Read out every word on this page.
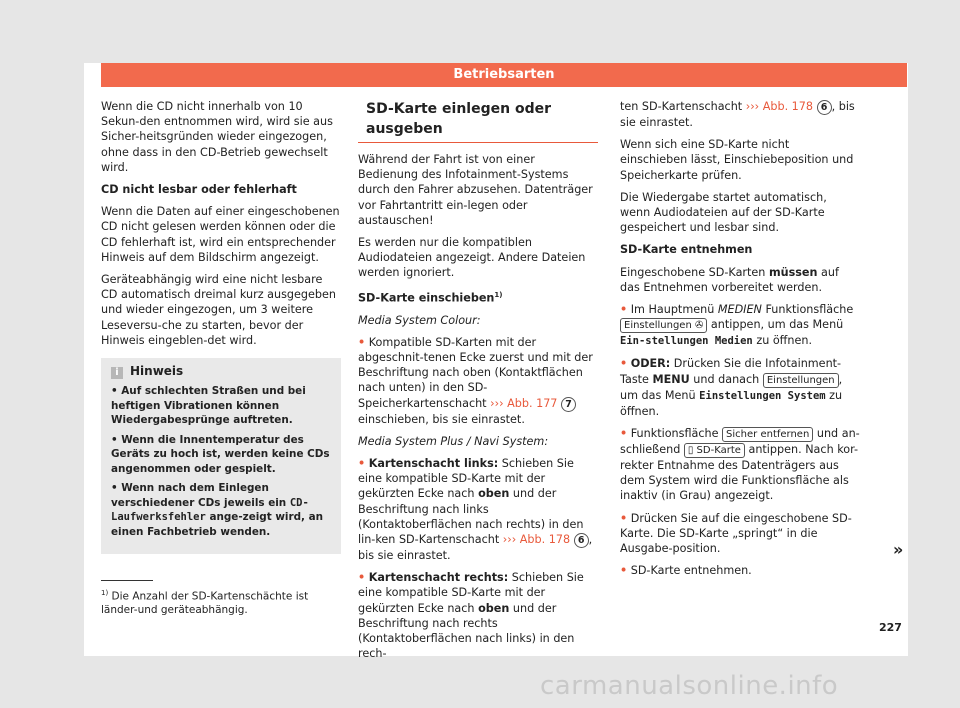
Betriebsarten

Wenn die CD nicht innerhalb von 10 Sekun-den entnommen wird, wird sie aus Sicher-heitsgründen wieder eingezogen, ohne dass in den CD-Betrieb gewechselt wird.

CD nicht lesbar oder fehlerhaft

Wenn die Daten auf einer eingeschobenen CD nicht gelesen werden können oder die CD fehlerhaft ist, wird ein entsprechender Hinweis auf dem Bildschirm angezeigt.

Geräteabhängig wird eine nicht lesbare CD automatisch dreimal kurz ausgegeben und wieder eingezogen, um 3 weitere Leseversu-che zu starten, bevor der Hinweis eingeblen-det wird.

i Hinweis

• Auf schlechten Straßen und bei heftigen Vibrationen können Wiedergabesprünge auftreten.

• Wenn die Innentemperatur des Geräts zu hoch ist, werden keine CDs angenommen oder gespielt.

• Wenn nach dem Einlegen verschiedener CDs jeweils ein CD-Laufwerksfehler ange-zeigt wird, an einen Fachbetrieb wenden.

SD-Karte einlegen oder ausgeben

Während der Fahrt ist von einer Bedienung des Infotainment-Systems durch den Fahrer abzusehen. Datenträger vor Fahrtantritt ein-legen oder austauschen!

Es werden nur die kompatiblen Audiodateien angezeigt. Andere Dateien werden ignoriert.

SD-Karte einschieben$^{1)}$

Media System Colour:

• Kompatible SD-Karten mit der abgeschnit-tenen Ecke zuerst und mit der Beschriftung nach oben (Kontaktflächen nach unten) in den SD-Speicherkartenschacht ››› Abb. 177 7 einschieben, bis sie einrastet.

Media System Plus / Navi System:

• Kartenschacht links: Schieben Sie eine kompatible SD-Karte mit der gekürzten Ecke nach oben und der Beschriftung nach links (Kontaktoberflächen nach rechts) in den lin-ken SD-Kartenschacht ››› Abb. 178 6 , bis sie einrastet.

• Kartenschacht rechts: Schieben Sie eine kompatible SD-Karte mit der gekürzten Ecke nach oben und der Beschriftung nach rechts (Kontaktoberflächen nach links) in den rech-

ten SD-Kartenschacht ››› Abb. 178 6 , bis sie einrastet.

Wenn sich eine SD-Karte nicht einschieben lässt, Einschiebeposition und Speicherkarte prüfen.

Die Wiedergabe startet automatisch, wenn Audiodateien auf der SD-Karte gespeichert und lesbar sind.

SD-Karte entnehmen

Eingeschobene SD-Karten müssen auf das Entnehmen vorbereitet werden.

• Im Hauptmenü MEDIEN Funktionsfläche Einstellungen ✇ antippen, um das Menü Ein-stellungen Medien zu öffnen.

• ODER: Drücken Sie die Infotainment-Taste MENU und danach Einstellungen , um das Menü Einstellungen System zu öffnen.

• Funktionsfläche Sicher entfernen und an-schließend ▯ SD-Karte antippen. Nach kor-rekter Entnahme des Datenträgers aus dem System wird die Funktionsfläche als inaktiv (in Grau) angezeigt.

• Drücken Sie auf die eingeschobene SD-Karte. Die SD-Karte „springt“ in die Ausgabe-position.

• SD-Karte entnehmen.

»
$^{1)}$ Die Anzahl der SD-Kartenschächte ist länder-und geräteabhängig.
227
carmanualsonline.info
